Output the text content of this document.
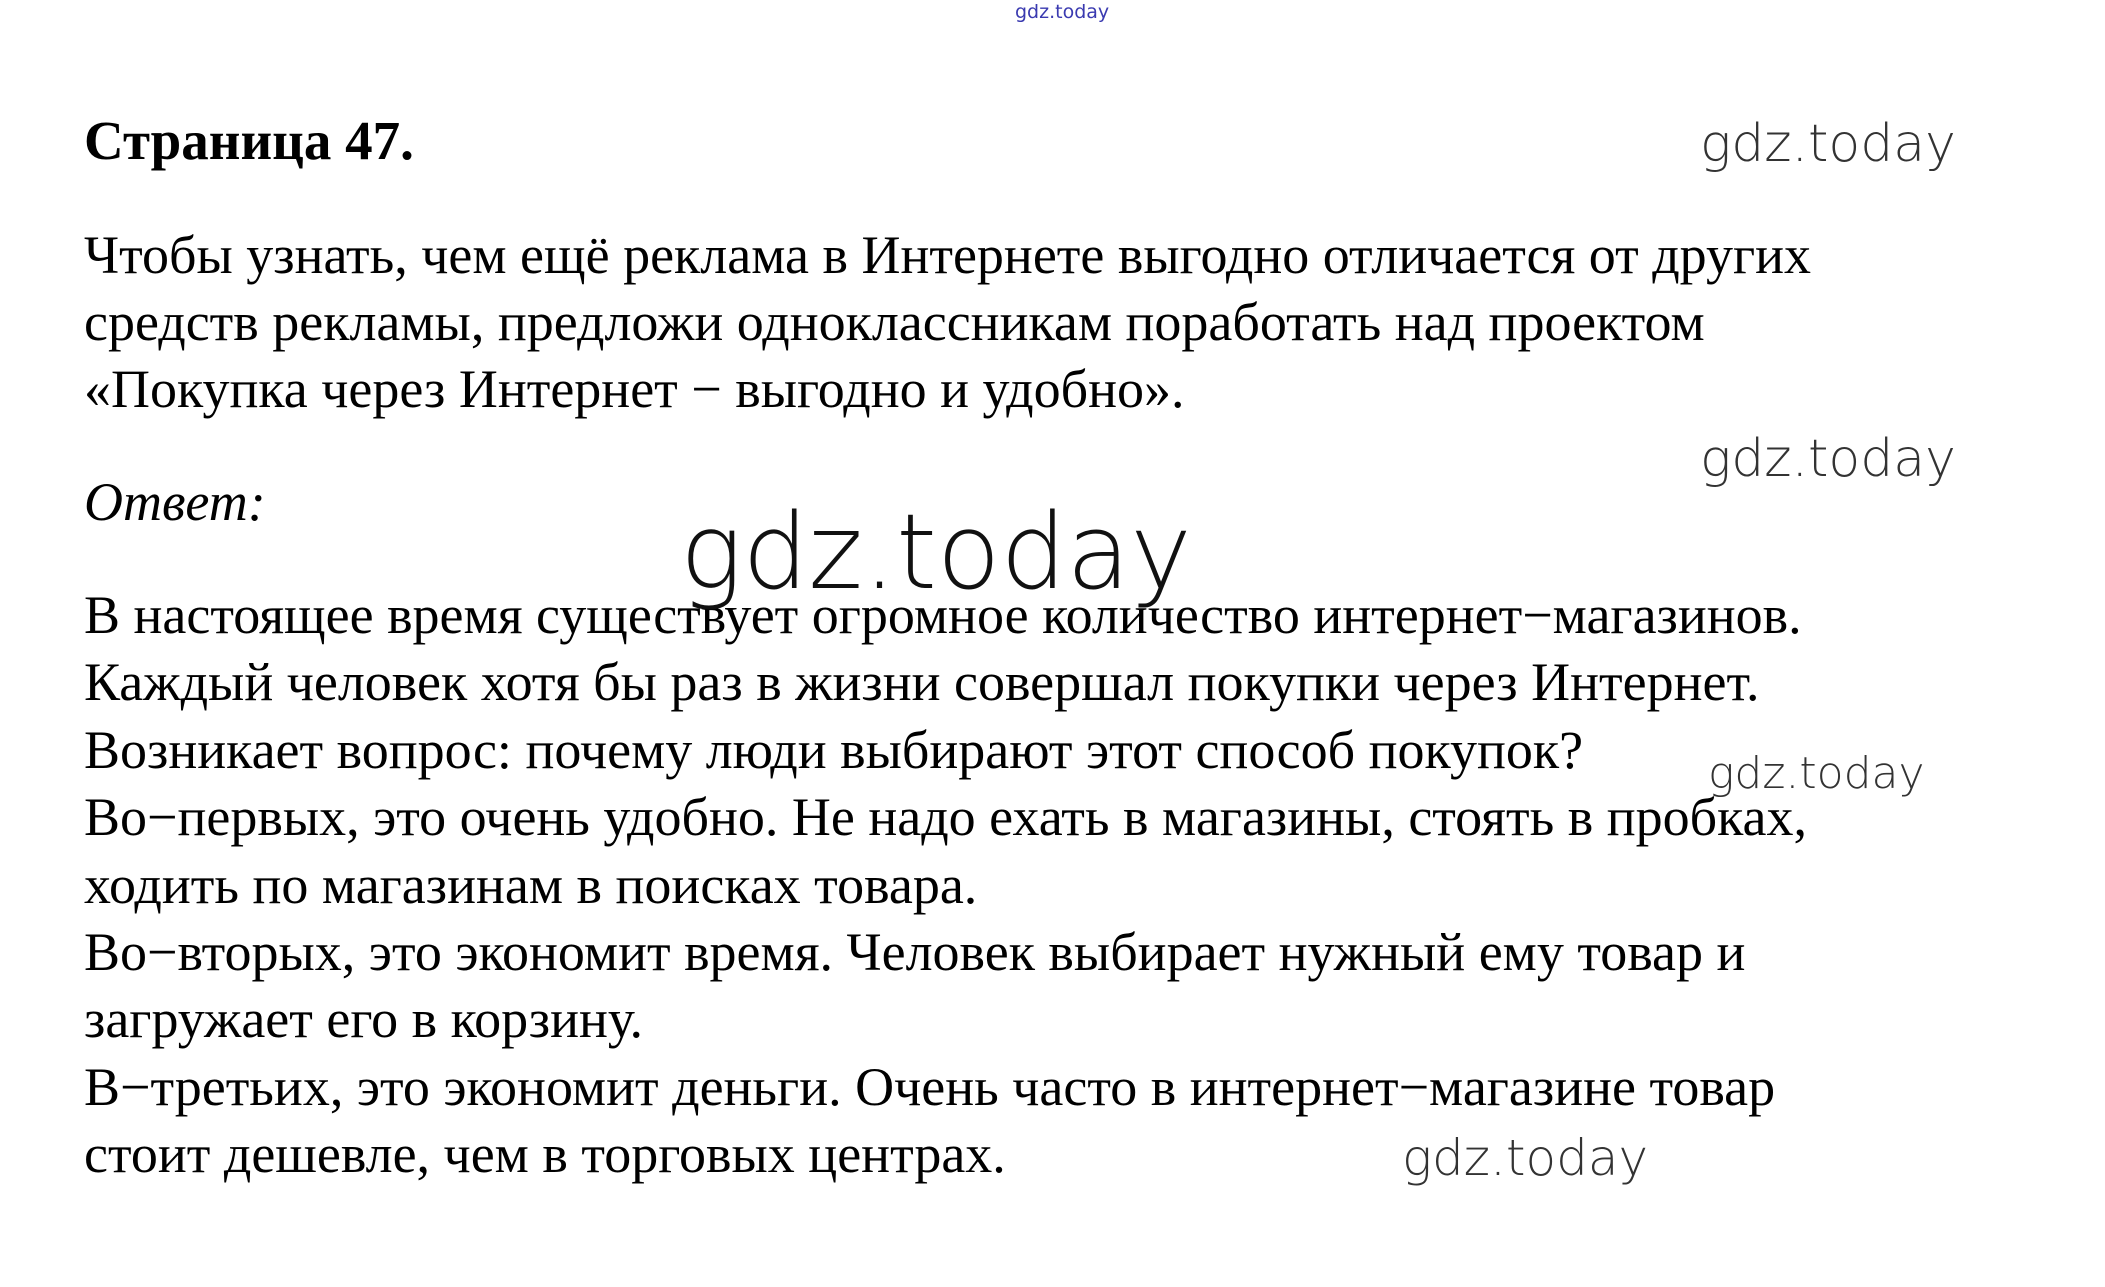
gdz.today
Страница 47.	gdz.today
Чтобы узнать, чем ещё реклама в Интернете выгодно отличается от других
средств рекламы, предложи одноклассникам поработать над проектом
«Покупка через Интернет − выгодно и удобно».
gdz.today
Ответ:
В настоящее время существует огромное количество интернет−магазинов.
Каждый человек хотя бы раз в жизни совершал покупки через Интернет.
Возникает вопрос: почему люди выбирают этот способ покупок?
Во−первых, это очень удобно. Не надо ехать в магазины, стоять в пробках,
ходить по магазинам в поисках товара.
Во−вторых, это экономит время. Человек выбирает нужный ему товар и
загружает его в корзину.
В−третьих, это экономит деньги. Очень часто в интернет−магазине товар
стоит дешевле, чем в торговых центрах.
gdz.today
gdz.today
gdz.today
